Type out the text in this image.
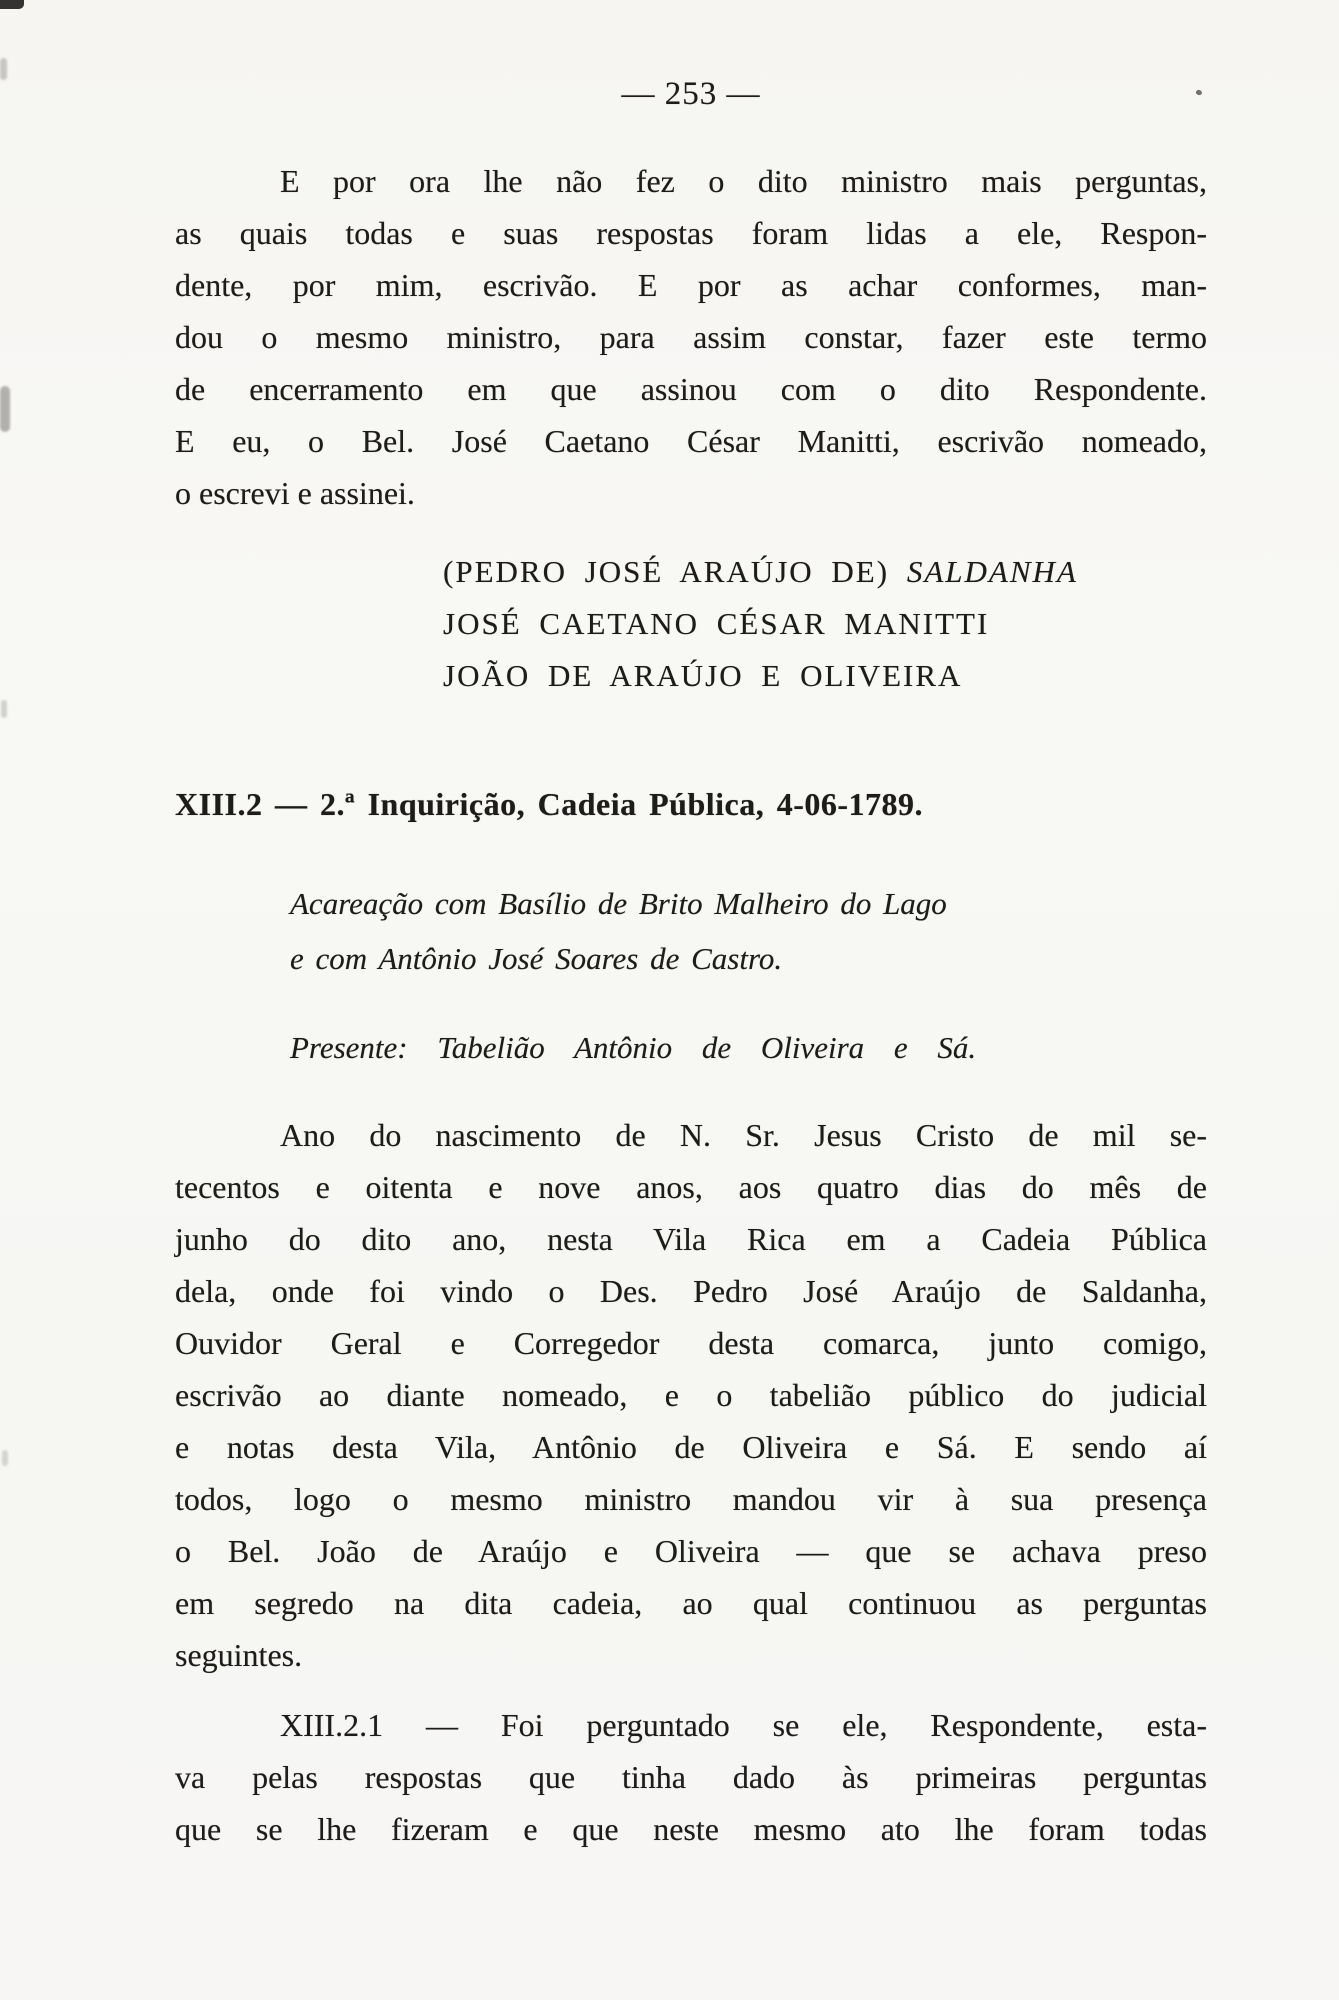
— 253 —
E por ora lhe não fez o dito ministro mais perguntas,
as quais todas e suas respostas foram lidas a ele, Respon-
dente, por mim, escrivão. E por as achar conformes, man-
dou o mesmo ministro, para assim constar, fazer este termo
de encerramento em que assinou com o dito Respondente.
E eu, o Bel. José Caetano César Manitti, escrivão nomeado,
o escrevi e assinei.
(PEDRO JOSÉ ARAÚJO DE) SALDANHA
JOSÉ CAETANO CÉSAR MANITTI
JOÃO DE ARAÚJO E OLIVEIRA
XIII.2 — 2.ª Inquirição, Cadeia Pública, 4-06-1789.
Acareação com Basílio de Brito Malheiro do Lago
e com Antônio José Soares de Castro.
Presente: Tabelião Antônio de Oliveira e Sá.
Ano do nascimento de N. Sr. Jesus Cristo de mil se-
tecentos e oitenta e nove anos, aos quatro dias do mês de
junho do dito ano, nesta Vila Rica em a Cadeia Pública
dela, onde foi vindo o Des. Pedro José Araújo de Saldanha,
Ouvidor Geral e Corregedor desta comarca, junto comigo,
escrivão ao diante nomeado, e o tabelião público do judicial
e notas desta Vila, Antônio de Oliveira e Sá. E sendo aí
todos, logo o mesmo ministro mandou vir à sua presença
o Bel. João de Araújo e Oliveira — que se achava preso
em segredo na dita cadeia, ao qual continuou as perguntas
seguintes.
XIII.2.1 — Foi perguntado se ele, Respondente, esta-
va pelas respostas que tinha dado às primeiras perguntas
que se lhe fizeram e que neste mesmo ato lhe foram todas
